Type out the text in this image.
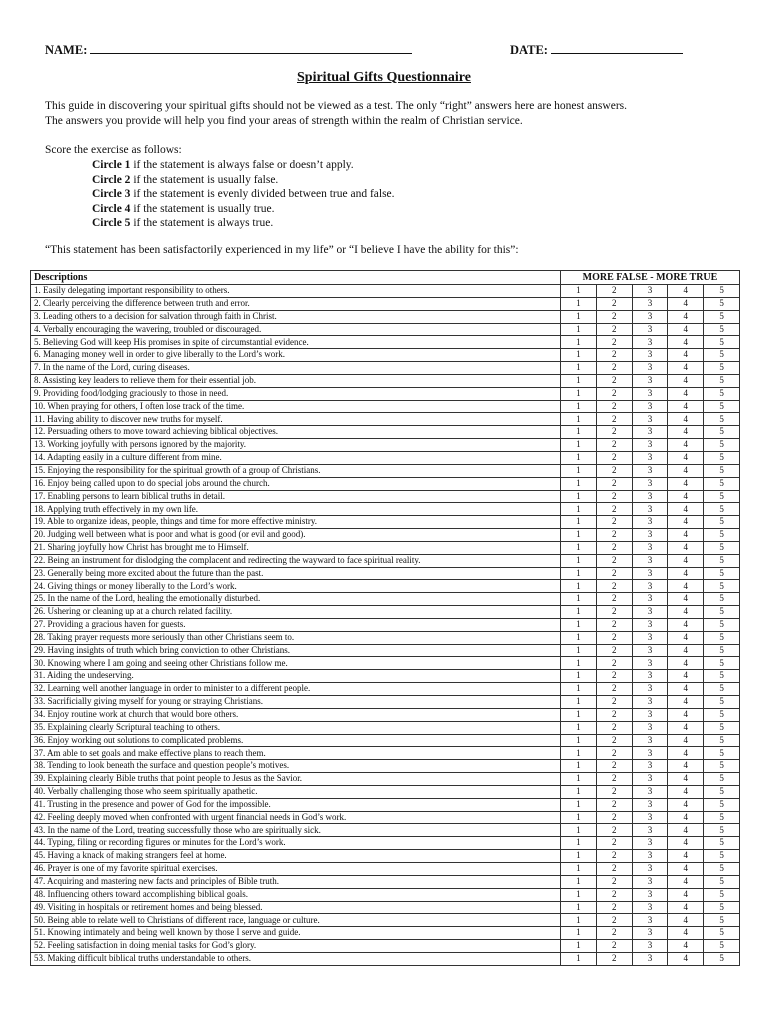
NAME:	DATE:
Spiritual Gifts Questionnaire

This guide in discovering your spiritual gifts should not be viewed as a test. The only “right” answers here are honest answers.

The answers you provide will help you find your areas of strength within the realm of Christian service.

Score the exercise as follows:
Circle 1 if the statement is always false or doesn’t apply.
Circle 2 if the statement is usually false.
Circle 3 if the statement is evenly divided between true and false.
Circle 4 if the statement is usually true.
Circle 5 if the statement is always true.
“This statement has been satisfactorily experienced in my life” or “I believe I have the ability for this”:
Descriptions	MORE FALSE - MORE TRUE				
1. Easily delegating important responsibility to others.	1	2	3	4	5
2. Clearly perceiving the difference between truth and error.	1	2	3	4	5
3. Leading others to a decision for salvation through faith in Christ.	1	2	3	4	5
4. Verbally encouraging the wavering, troubled or discouraged.	1	2	3	4	5
5. Believing God will keep His promises in spite of circumstantial evidence.	1	2	3	4	5
6. Managing money well in order to give liberally to the Lord’s work.	1	2	3	4	5
7. In the name of the Lord, curing diseases.	1	2	3	4	5
8. Assisting key leaders to relieve them for their essential job.	1	2	3	4	5
9. Providing food/lodging graciously to those in need.	1	2	3	4	5
10. When praying for others, I often lose track of the time.	1	2	3	4	5
11. Having ability to discover new truths for myself.	1	2	3	4	5
12. Persuading others to move toward achieving biblical objectives.	1	2	3	4	5
13. Working joyfully with persons ignored by the majority.	1	2	3	4	5
14. Adapting easily in a culture different from mine.	1	2	3	4	5
15. Enjoying the responsibility for the spiritual growth of a group of Christians.	1	2	3	4	5
16. Enjoy being called upon to do special jobs around the church.	1	2	3	4	5
17. Enabling persons to learn biblical truths in detail.	1	2	3	4	5
18. Applying truth effectively in my own life.	1	2	3	4	5
19. Able to organize ideas, people, things and time for more effective ministry.	1	2	3	4	5
20. Judging well between what is poor and what is good (or evil and good).	1	2	3	4	5
21. Sharing joyfully how Christ has brought me to Himself.	1	2	3	4	5
22. Being an instrument for dislodging the complacent and redirecting the wayward to face spiritual reality.	1	2	3	4	5
23. Generally being more excited about the future than the past.	1	2	3	4	5
24. Giving things or money liberally to the Lord’s work.	1	2	3	4	5
25. In the name of the Lord, healing the emotionally disturbed.	1	2	3	4	5
26. Ushering or cleaning up at a church related facility.	1	2	3	4	5
27. Providing a gracious haven for guests.	1	2	3	4	5
28. Taking prayer requests more seriously than other Christians seem to.	1	2	3	4	5
29. Having insights of truth which bring conviction to other Christians.	1	2	3	4	5
30. Knowing where I am going and seeing other Christians follow me.	1	2	3	4	5
31. Aiding the undeserving.	1	2	3	4	5
32. Learning well another language in order to minister to a different people.	1	2	3	4	5
33. Sacrificially giving myself for young or straying Christians.	1	2	3	4	5
34. Enjoy routine work at church that would bore others.	1	2	3	4	5
35. Explaining clearly Scriptural teaching to others.	1	2	3	4	5
36. Enjoy working out solutions to complicated problems.	1	2	3	4	5
37. Am able to set goals and make effective plans to reach them.	1	2	3	4	5
38. Tending to look beneath the surface and question people’s motives.	1	2	3	4	5
39. Explaining clearly Bible truths that point people to Jesus as the Savior.	1	2	3	4	5
40. Verbally challenging those who seem spiritually apathetic.	1	2	3	4	5
41. Trusting in the presence and power of God for the impossible.	1	2	3	4	5
42. Feeling deeply moved when confronted with urgent financial needs in God’s work.	1	2	3	4	5
43. In the name of the Lord, treating successfully those who are spiritually sick.	1	2	3	4	5
44. Typing, filing or recording figures or minutes for the Lord’s work.	1	2	3	4	5
45. Having a knack of making strangers feel at home.	1	2	3	4	5
46. Prayer is one of my favorite spiritual exercises.	1	2	3	4	5
47. Acquiring and mastering new facts and principles of Bible truth.	1	2	3	4	5
48. Influencing others toward accomplishing biblical goals.	1	2	3	4	5
49. Visiting in hospitals or retirement homes and being blessed.	1	2	3	4	5
50. Being able to relate well to Christians of different race, language or culture.	1	2	3	4	5
51. Knowing intimately and being well known by those I serve and guide.	1	2	3	4	5
52. Feeling satisfaction in doing menial tasks for God’s glory.	1	2	3	4	5
53. Making difficult biblical truths understandable to others.	1	2	3	4	5
